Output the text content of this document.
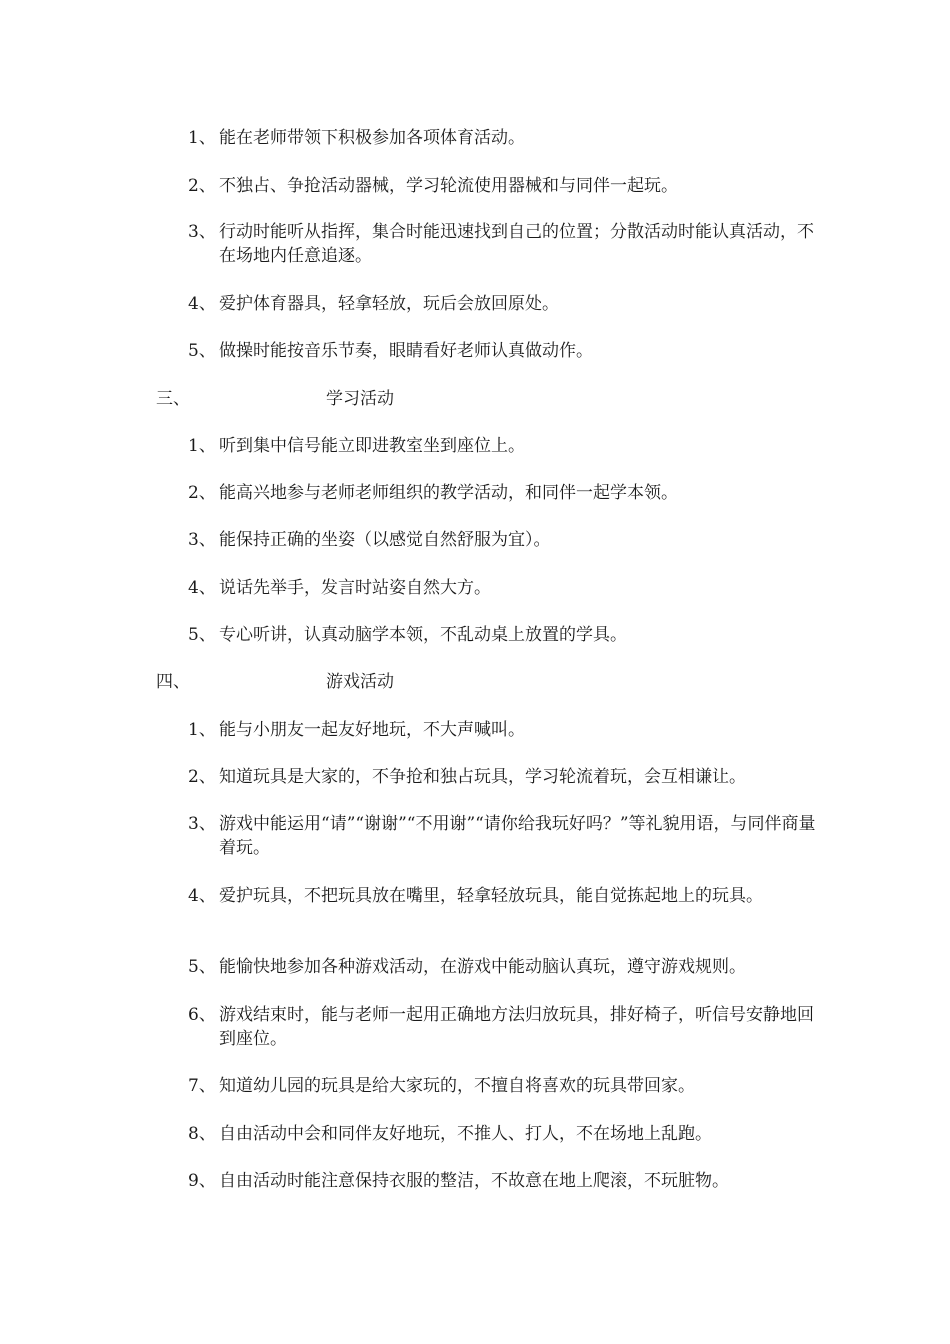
1、 能在老师带领下积极参加各项体育活动。
2、 不独占、争抢活动器械，学习轮流使用器械和与同伴一起玩。
3、 行动时能听从指挥，集合时能迅速找到自己的位置；分散活动时能认真活动，不在场地内任意追逐。
4、 爱护体育器具，轻拿轻放，玩后会放回原处。
5、 做操时能按音乐节奏，眼睛看好老师认真做动作。
三、	学习活动
1、 听到集中信号能立即进教室坐到座位上。
2、 能高兴地参与老师老师组织的教学活动，和同伴一起学本领。
3、 能保持正确的坐姿（以感觉自然舒服为宜）。
4、 说话先举手，发言时站姿自然大方。
5、 专心听讲，认真动脑学本领，不乱动桌上放置的学具。
四、	游戏活动
1、 能与小朋友一起友好地玩，不大声喊叫。
2、 知道玩具是大家的，不争抢和独占玩具，学习轮流着玩，会互相谦让。
3、 游戏中能运用“请”“谢谢”“不用谢”“请你给我玩好吗？”等礼貌用语，与同伴商量着玩。
4、 爱护玩具，不把玩具放在嘴里，轻拿轻放玩具，能自觉拣起地上的玩具。
5、 能愉快地参加各种游戏活动，在游戏中能动脑认真玩，遵守游戏规则。
6、 游戏结束时，能与老师一起用正确地方法归放玩具，排好椅子，听信号安静地回到座位。
7、 知道幼儿园的玩具是给大家玩的，不擅自将喜欢的玩具带回家。
8、 自由活动中会和同伴友好地玩，不推人、打人，不在场地上乱跑。
9、 自由活动时能注意保持衣服的整洁，不故意在地上爬滚，不玩脏物。
